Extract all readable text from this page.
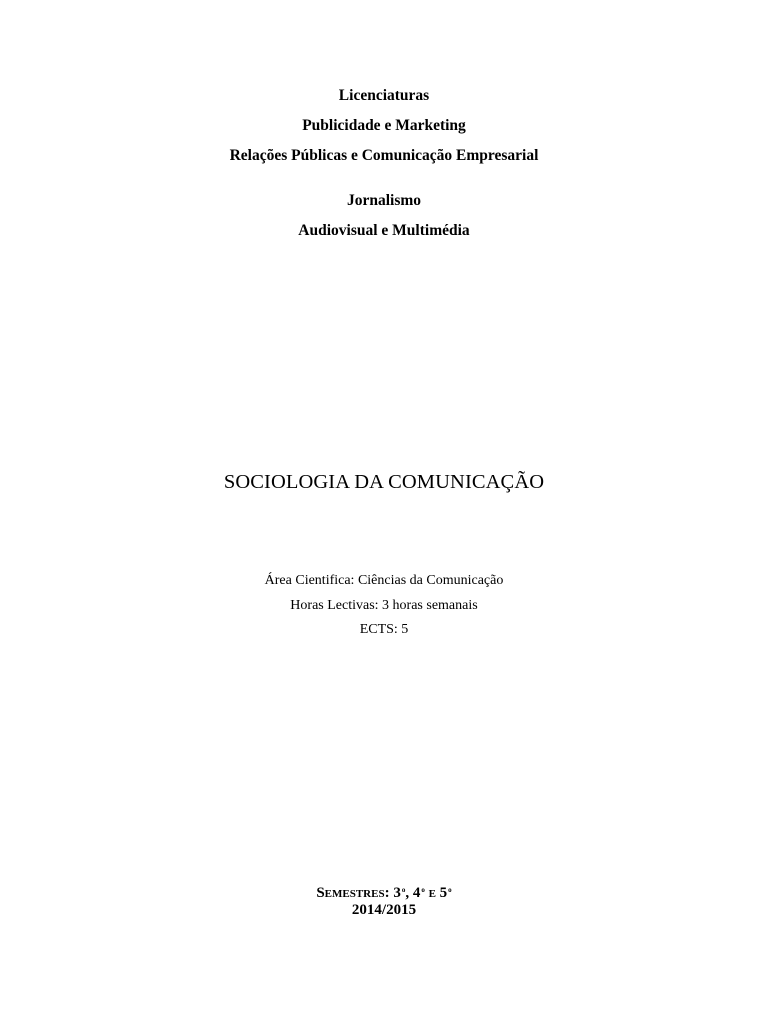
Licenciaturas
Publicidade e Marketing
Relações Públicas e Comunicação Empresarial
Jornalismo
Audiovisual e Multimédia
SOCIOLOGIA DA COMUNICAÇÃO
Área Cientifica: Ciências da Comunicação
Horas Lectivas: 3 horas semanais
ECTS: 5
Semestres: 3$^o$, 4$^o$ e 5$^o$
2014/2015
